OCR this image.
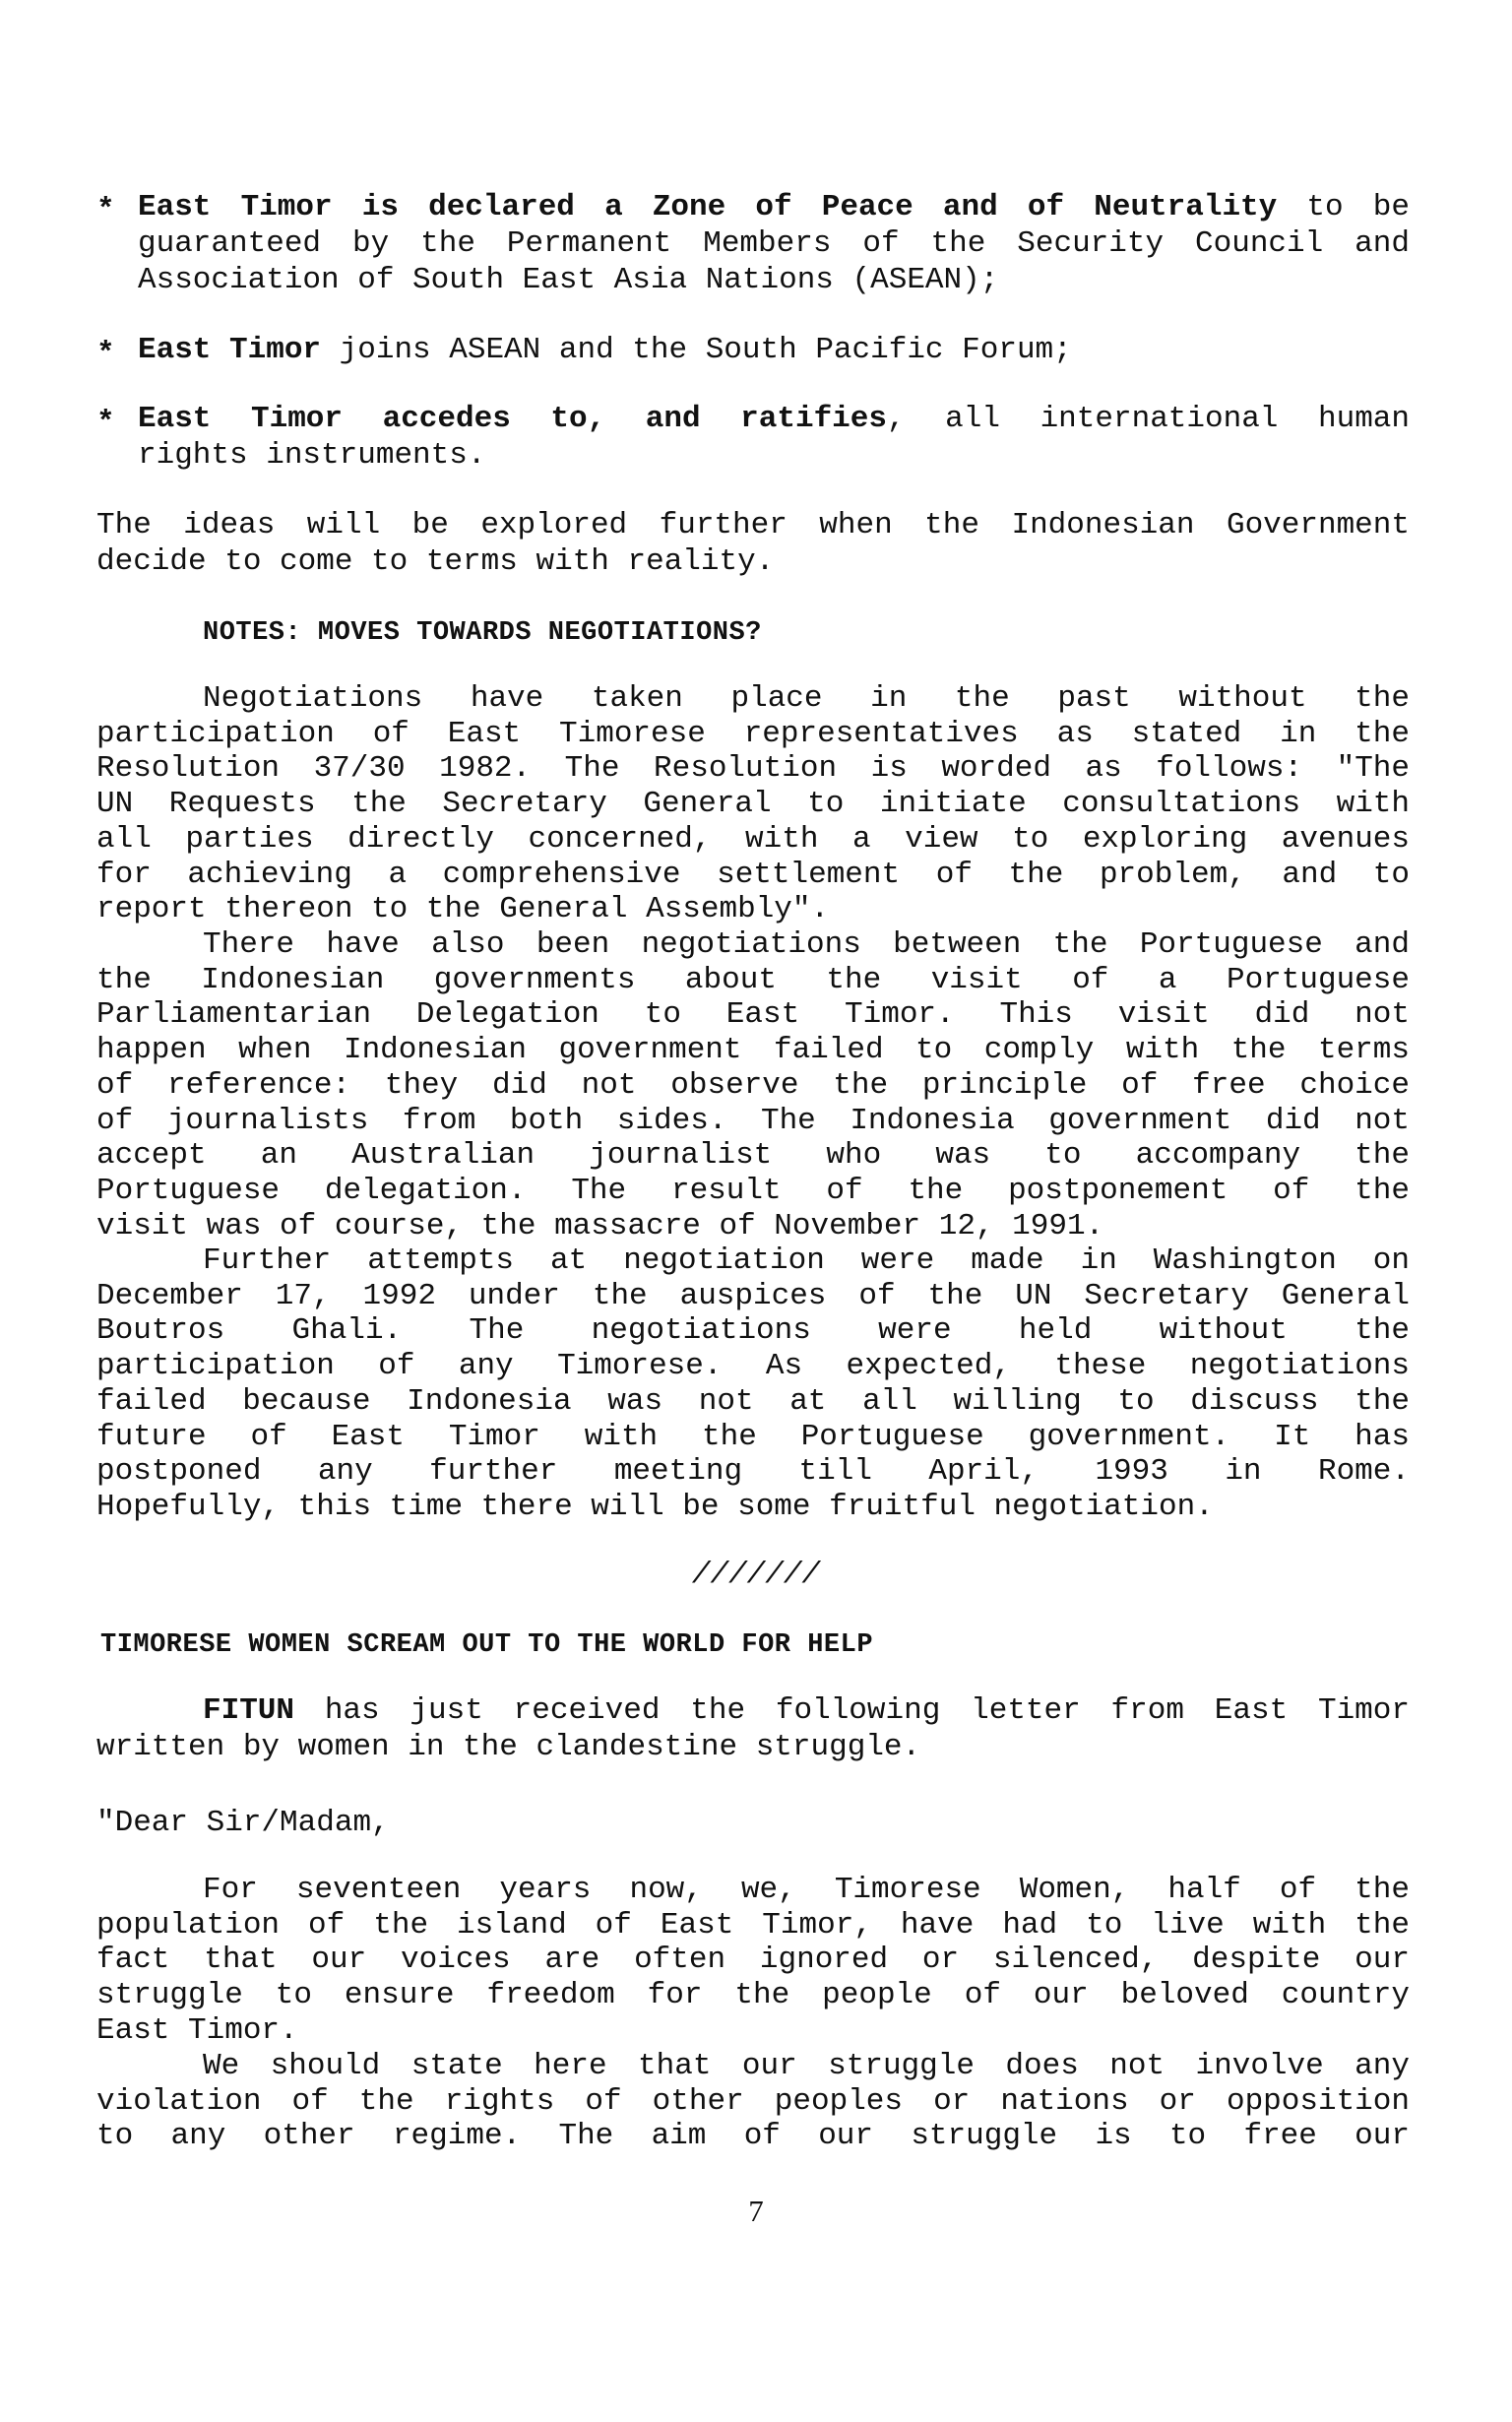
* East Timor is declared a Zone of Peace and of Neutrality to be
guaranteed by the Permanent Members of the Security Council and
Association of South East Asia Nations (ASEAN);
* East Timor joins ASEAN and the South Pacific Forum;
* East Timor accedes to, and ratifies, all international human
rights instruments.
The ideas will be explored further when the Indonesian Government
decide to come to terms with reality.
NOTES: MOVES TOWARDS NEGOTIATIONS?
Negotiations have taken place in the past without the
participation of East Timorese representatives as stated in the
Resolution 37/30 1982. The Resolution is worded as follows: "The
UN Requests the Secretary General to initiate consultations with
all parties directly concerned, with a view to exploring avenues
for achieving a comprehensive settlement of the problem, and to
report thereon to the General Assembly".
There have also been negotiations between the Portuguese and
the Indonesian governments about the visit of a Portuguese
Parliamentarian Delegation to East Timor. This visit did not
happen when Indonesian government failed to comply with the terms
of reference: they did not observe the principle of free choice
of journalists from both sides. The Indonesia government did not
accept an Australian journalist who was to accompany the
Portuguese delegation. The result of the postponement of the
visit was of course, the massacre of November 12, 1991.
Further attempts at negotiation were made in Washington on
December 17, 1992 under the auspices of the UN Secretary General
Boutros Ghali. The negotiations were held without the
participation of any Timorese. As expected, these negotiations
failed because Indonesia was not at all willing to discuss the
future of East Timor with the Portuguese government. It has
postponed any further meeting till April, 1993 in Rome.
Hopefully, this time there will be some fruitful negotiation.
///////
TIMORESE WOMEN SCREAM OUT TO THE WORLD FOR HELP
FITUN has just received the following letter from East Timor
written by women in the clandestine struggle.
"Dear Sir/Madam,
For seventeen years now, we, Timorese Women, half of the
population of the island of East Timor, have had to live with the
fact that our voices are often ignored or silenced, despite our
struggle to ensure freedom for the people of our beloved country
East Timor.
We should state here that our struggle does not involve any
violation of the rights of other peoples or nations or opposition
to any other regime. The aim of our struggle is to free our
7
